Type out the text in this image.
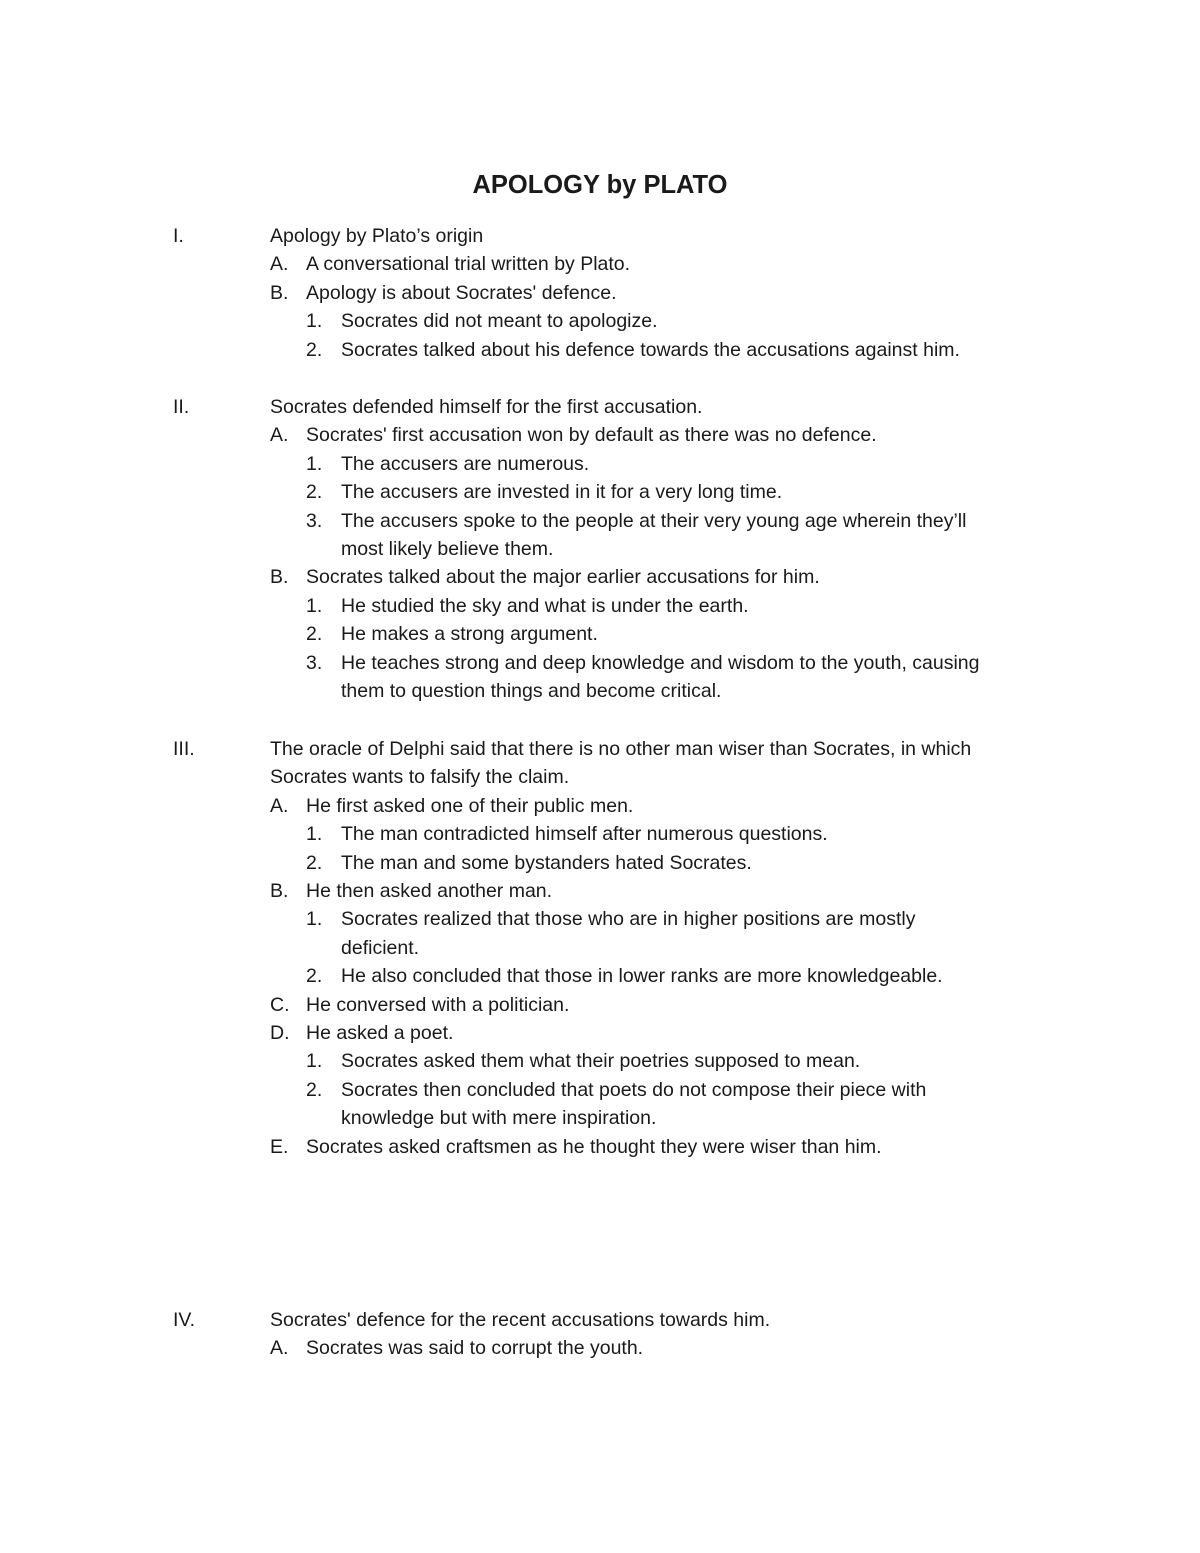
APOLOGY by PLATO
I.	Apology by Plato’s origin
A. A conversational trial written by Plato.
B. Apology is about Socrates' defence.
1. Socrates did not meant to apologize.
2. Socrates talked about his defence towards the accusations against him.
II.	Socrates defended himself for the first accusation.
A. Socrates' first accusation won by default as there was no defence.
1. The accusers are numerous.
2. The accusers are invested in it for a very long time.
3. The accusers spoke to the people at their very young age wherein they’ll
most likely believe them.
B. Socrates talked about the major earlier accusations for him.
1. He studied the sky and what is under the earth.
2. He makes a strong argument.
3. He teaches strong and deep knowledge and wisdom to the youth, causing
them to question things and become critical.
III.	The oracle of Delphi said that there is no other man wiser than Socrates, in which
Socrates wants to falsify the claim.
A. He first asked one of their public men.
1. The man contradicted himself after numerous questions.
2. The man and some bystanders hated Socrates.
B. He then asked another man.
1. Socrates realized that those who are in higher positions are mostly
deficient.
2. He also concluded that those in lower ranks are more knowledgeable.
C. He conversed with a politician.
D. He asked a poet.
1. Socrates asked them what their poetries supposed to mean.
2. Socrates then concluded that poets do not compose their piece with
knowledge but with mere inspiration.
E. Socrates asked craftsmen as he thought they were wiser than him.
IV.	Socrates' defence for the recent accusations towards him.
A. Socrates was said to corrupt the youth.
